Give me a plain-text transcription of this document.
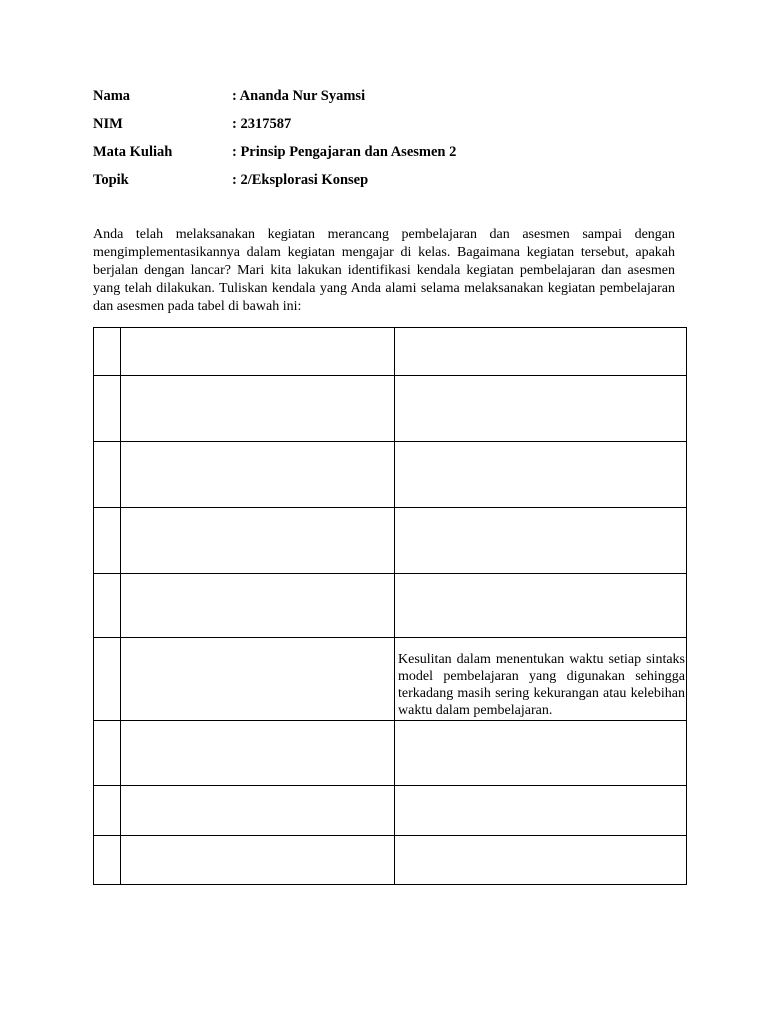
Nama	: Ananda Nur Syamsi
NIM	: 2317587
Mata Kuliah	: Prinsip Pengajaran dan Asesmen 2
Topik	: 2/Eksplorasi Konsep

Anda telah melaksanakan kegiatan merancang pembelajaran dan asesmen sampai dengan mengimplementasikannya dalam kegiatan mengajar di kelas. Bagaimana kegiatan tersebut, apakah berjalan dengan lancar? Mari kita lakukan identifikasi kendala kegiatan pembelajaran dan asesmen yang telah dilakukan. Tuliskan kendala yang Anda alami selama melaksanakan kegiatan pembelajaran dan asesmen pada tabel di bawah ini:

		Kesulitan dalam menentukan waktu setiap sintaks model pembelajaran yang digunakan sehingga terkadang masih sering kekurangan atau kelebihan waktu dalam pembelajaran.
